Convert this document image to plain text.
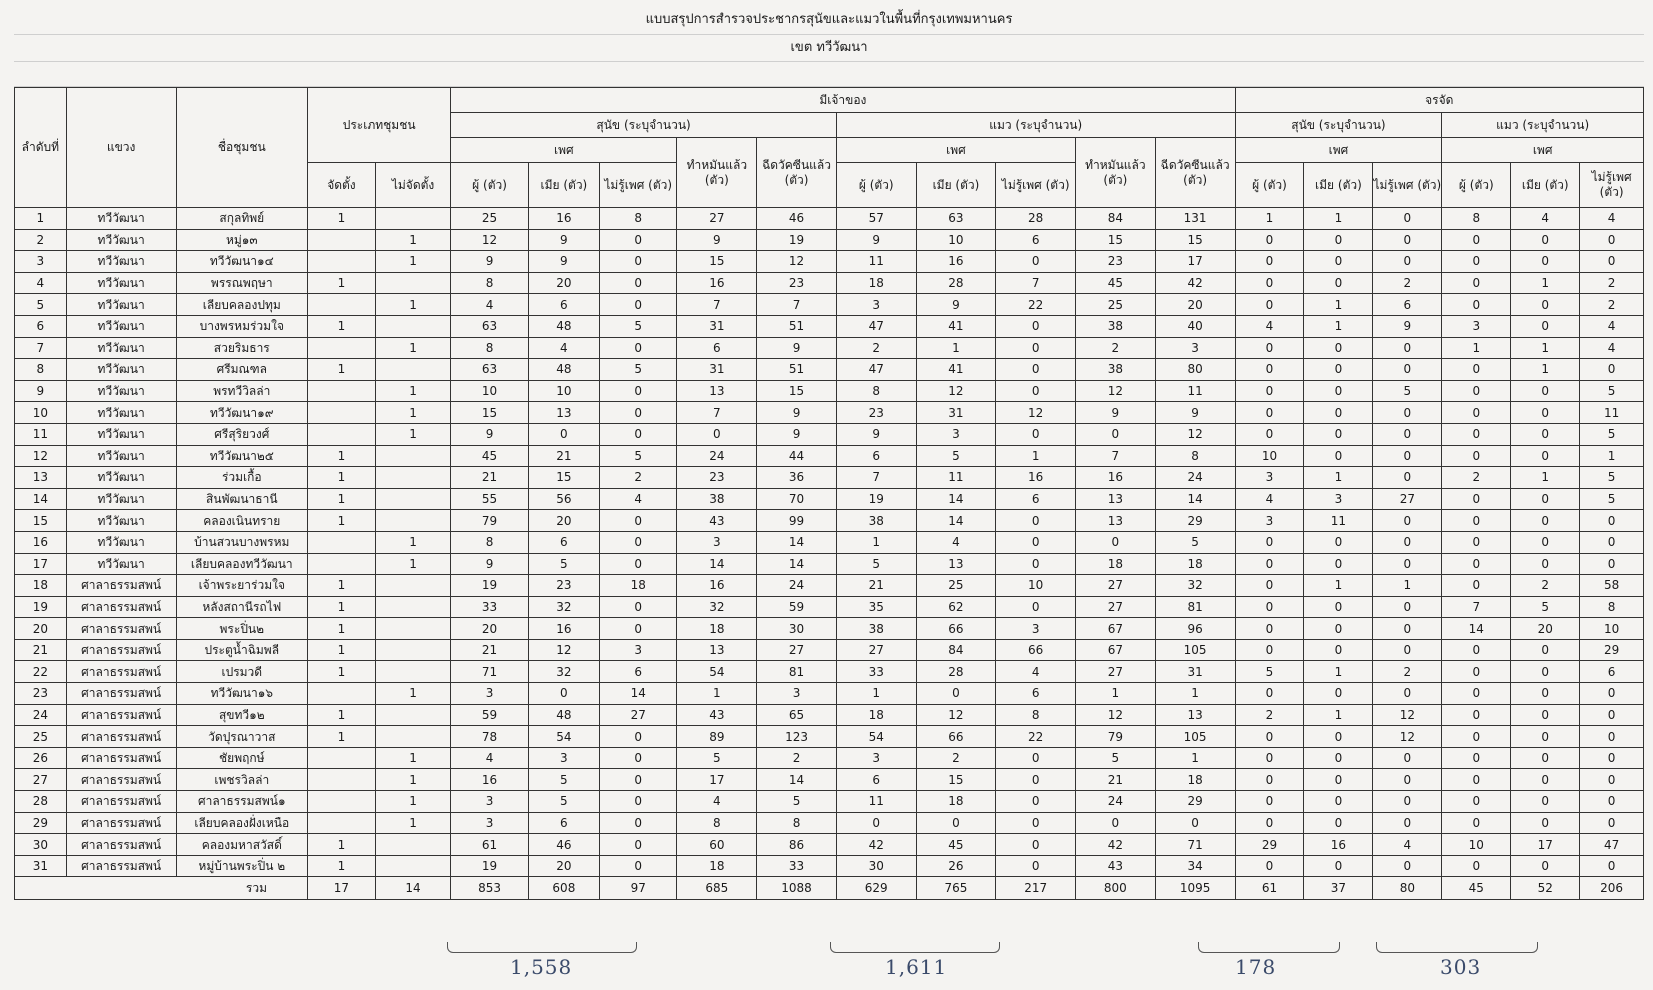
แบบสรุปการสำรวจประชากรสุนัขและแมวในพื้นที่กรุงเทพมหานคร
เขต ทวีวัฒนา
ลำดับที่	แขวง	ชื่อชุมชน	ประเภทชุมชน		มีเจ้าของ										จรจัด					
					สุนัข (ระบุจำนวน)					แมว (ระบุจำนวน)					สุนัข (ระบุจำนวน)			แมว (ระบุจำนวน)		
					เพศ			ทำหมันแล้ว (ตัว)	ฉีดวัคซีนแล้ว (ตัว)	เพศ			ทำหมันแล้ว (ตัว)	ฉีดวัคซีนแล้ว (ตัว)	เพศ			เพศ		
			จัดตั้ง	ไม่จัดตั้ง	ผู้ (ตัว)	เมีย (ตัว)	ไม่รู้เพศ (ตัว)			ผู้ (ตัว)	เมีย (ตัว)	ไม่รู้เพศ (ตัว)			ผู้ (ตัว)	เมีย (ตัว)	ไม่รู้เพศ (ตัว)	ผู้ (ตัว)	เมีย (ตัว)	ไม่รู้เพศ (ตัว)
1	ทวีวัฒนา	สกุลทิพย์	1		25	16	8	27	46	57	63	28	84	131	1	1	0	8	4	4
2	ทวีวัฒนา	หมู่๑๓		1	12	9	0	9	19	9	10	6	15	15	0	0	0	0	0	0
3	ทวีวัฒนา	ทวีวัฒนา๑๔		1	9	9	0	15	12	11	16	0	23	17	0	0	0	0	0	0
4	ทวีวัฒนา	พรรณพฤษา	1		8	20	0	16	23	18	28	7	45	42	0	0	2	0	1	2
5	ทวีวัฒนา	เลียบคลองปทุม		1	4	6	0	7	7	3	9	22	25	20	0	1	6	0	0	2
6	ทวีวัฒนา	บางพรหมร่วมใจ	1		63	48	5	31	51	47	41	0	38	40	4	1	9	3	0	4
7	ทวีวัฒนา	สวยริมธาร		1	8	4	0	6	9	2	1	0	2	3	0	0	0	1	1	4
8	ทวีวัฒนา	ศรีมณฑล	1		63	48	5	31	51	47	41	0	38	80	0	0	0	0	1	0
9	ทวีวัฒนา	พรทวีวิลล่า		1	10	10	0	13	15	8	12	0	12	11	0	0	5	0	0	5
10	ทวีวัฒนา	ทวีวัฒนา๑๙		1	15	13	0	7	9	23	31	12	9	9	0	0	0	0	0	11
11	ทวีวัฒนา	ศรีสุริยวงศ์		1	9	0	0	0	9	9	3	0	0	12	0	0	0	0	0	5
12	ทวีวัฒนา	ทวีวัฒนา๒๕	1		45	21	5	24	44	6	5	1	7	8	10	0	0	0	0	1
13	ทวีวัฒนา	ร่วมเกื้อ	1		21	15	2	23	36	7	11	16	16	24	3	1	0	2	1	5
14	ทวีวัฒนา	สินพัฒนาธานี	1		55	56	4	38	70	19	14	6	13	14	4	3	27	0	0	5
15	ทวีวัฒนา	คลองเนินทราย	1		79	20	0	43	99	38	14	0	13	29	3	11	0	0	0	0
16	ทวีวัฒนา	บ้านสวนบางพรหม		1	8	6	0	3	14	1	4	0	0	5	0	0	0	0	0	0
17	ทวีวัฒนา	เลียบคลองทวีวัฒนา		1	9	5	0	14	14	5	13	0	18	18	0	0	0	0	0	0
18	ศาลาธรรมสพน์	เจ้าพระยาร่วมใจ	1		19	23	18	16	24	21	25	10	27	32	0	1	1	0	2	58
19	ศาลาธรรมสพน์	หลังสถานีรถไฟ	1		33	32	0	32	59	35	62	0	27	81	0	0	0	7	5	8
20	ศาลาธรรมสพน์	พระปิ่น๒	1		20	16	0	18	30	38	66	3	67	96	0	0	0	14	20	10
21	ศาลาธรรมสพน์	ประตูน้ำฉิมพลี	1		21	12	3	13	27	27	84	66	67	105	0	0	0	0	0	29
22	ศาลาธรรมสพน์	เปรมวดี	1		71	32	6	54	81	33	28	4	27	31	5	1	2	0	0	6
23	ศาลาธรรมสพน์	ทวีวัฒนา๑๖		1	3	0	14	1	3	1	0	6	1	1	0	0	0	0	0	0
24	ศาลาธรรมสพน์	สุขทวี๑๒	1		59	48	27	43	65	18	12	8	12	13	2	1	12	0	0	0
25	ศาลาธรรมสพน์	วัดปุรณาวาส	1		78	54	0	89	123	54	66	22	79	105	0	0	12	0	0	0
26	ศาลาธรรมสพน์	ชัยพฤกษ์		1	4	3	0	5	2	3	2	0	5	1	0	0	0	0	0	0
27	ศาลาธรรมสพน์	เพชรวิลล่า		1	16	5	0	17	14	6	15	0	21	18	0	0	0	0	0	0
28	ศาลาธรรมสพน์	ศาลาธรรมสพน์๑		1	3	5	0	4	5	11	18	0	24	29	0	0	0	0	0	0
29	ศาลาธรรมสพน์	เลียบคลองฝั่งเหนือ		1	3	6	0	8	8	0	0	0	0	0	0	0	0	0	0	0
30	ศาลาธรรมสพน์	คลองมหาสวัสดิ์	1		61	46	0	60	86	42	45	0	42	71	29	16	4	10	17	47
31	ศาลาธรรมสพน์	หมู่บ้านพระปิ่น ๒	1		19	20	0	18	33	30	26	0	43	34	0	0	0	0	0	0
รวม			17	14	853	608	97	685	1088	629	765	217	800	1095	61	37	80	45	52	206
1,558	1,611	178	303
